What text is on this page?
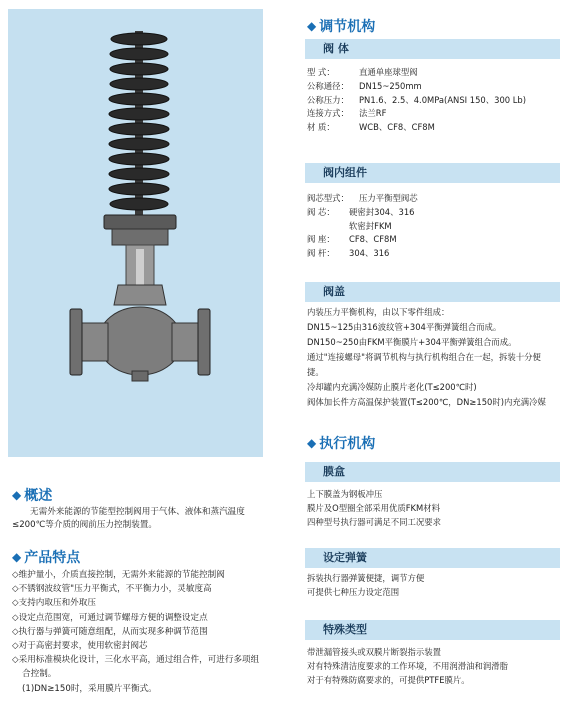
◆ 调节机构
阀 体
型 式：	直通单座球型阀
公称通径：	DN15~250mm
公称压力：	PN1.6、2.5、4.0MPa(ANSI 150、300 Lb)
连接方式：	法兰RF
材 质：	WCB、CF8、CF8M
阀内组件
阀芯型式：	压力平衡型阀芯
阀 芯：	硬密封304、316
软密封FKM
阀 座：	CF8、CF8M
阀 杆：	304、316
阀盖
内装压力平衡机构，由以下零件组成：
DN15~125由316波纹管+304平衡弹簧组合而成。
DN150~250由FKM平衡膜片+304平衡弹簧组合而成。
通过"连接螺母"将调节机构与执行机构组合在一起，拆装十分便
捷。
冷却罐内充满冷媒防止膜片老化(T≤200℃时)
阀体加长件方高温保护装置(T≤200℃，DN≥150时)内充满冷媒
◆ 执行机构
膜盒
上下膜盖为钢板冲压
膜片及O型圈全部采用优质FKM材料
四种型号执行器可满足不同工况要求
设定弹簧
拆装执行器弹簧便捷，调节方便
可提供七种压力设定范围
特殊类型
带泄漏管接头或双膜片断裂指示装置
对有特殊清洁度要求的工作环境，不用润滑油和润滑脂
对于有特殊防腐要求的，可提供PTFE膜片。
◆ 概述
无需外来能源的节能型控制阀用于气体、液体和蒸汽温度
≤200℃等介质的阀前压力控制装置。
◆ 产品特点
◇维护量小，介质直接控制，无需外来能源的节能控制阀
◇不锈钢波纹管"压力平衡式，不平衡力小，灵敏度高
◇支持内取压和外取压
◇设定点范围宽，可通过调节螺母方便的调整设定点
◇执行器与弹簧可随意组配，从而实现多种调节范围
◇对于高密封要求，使用软密封阀芯
◇采用标准模块化设计，三化水平高，通过组合件，可进行多项组
合控制。
(1)DN≥150时，采用膜片平衡式。
